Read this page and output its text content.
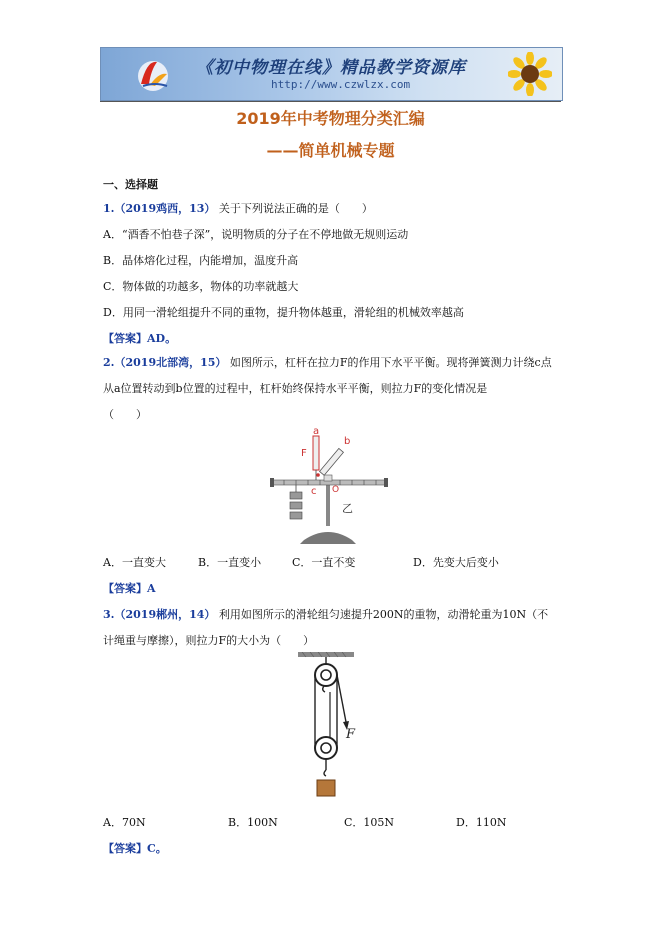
《初中物理在线》精品教学资源库
http://www.czwlzx.com
2019年中考物理分类汇编
——简单机械专题
一、选择题
1.（2019鸡西，13） 关于下列说法正确的是（　　）
A．“酒香不怕巷子深”，说明物质的分子在不停地做无规则运动
B．晶体熔化过程，内能增加，温度升高
C．物体做的功越多，物体的功率就越大
D．用同一滑轮组提升不同的重物，提升物体越重，滑轮组的机械效率越高
【答案】AD。
2.（2019北部湾，15） 如图所示，杠杆在拉力F的作用下水平平衡。现将弹簧测力计绕c点
从a位置转动到b位置的过程中，杠杆始终保持水平平衡，则拉力F的变化情况是
（　　）
a
b
F
c O
乙
A．一直变大	B．一直变小	C．一直不变	D．先变大后变小
【答案】A
3.（2019郴州，14） 利用如图所示的滑轮组匀速提升200N的重物，动滑轮重为10N（不
计绳重与摩擦），则拉力F的大小为（　　）
F
A．70N	B．100N	C．105N	D．110N
【答案】C。
